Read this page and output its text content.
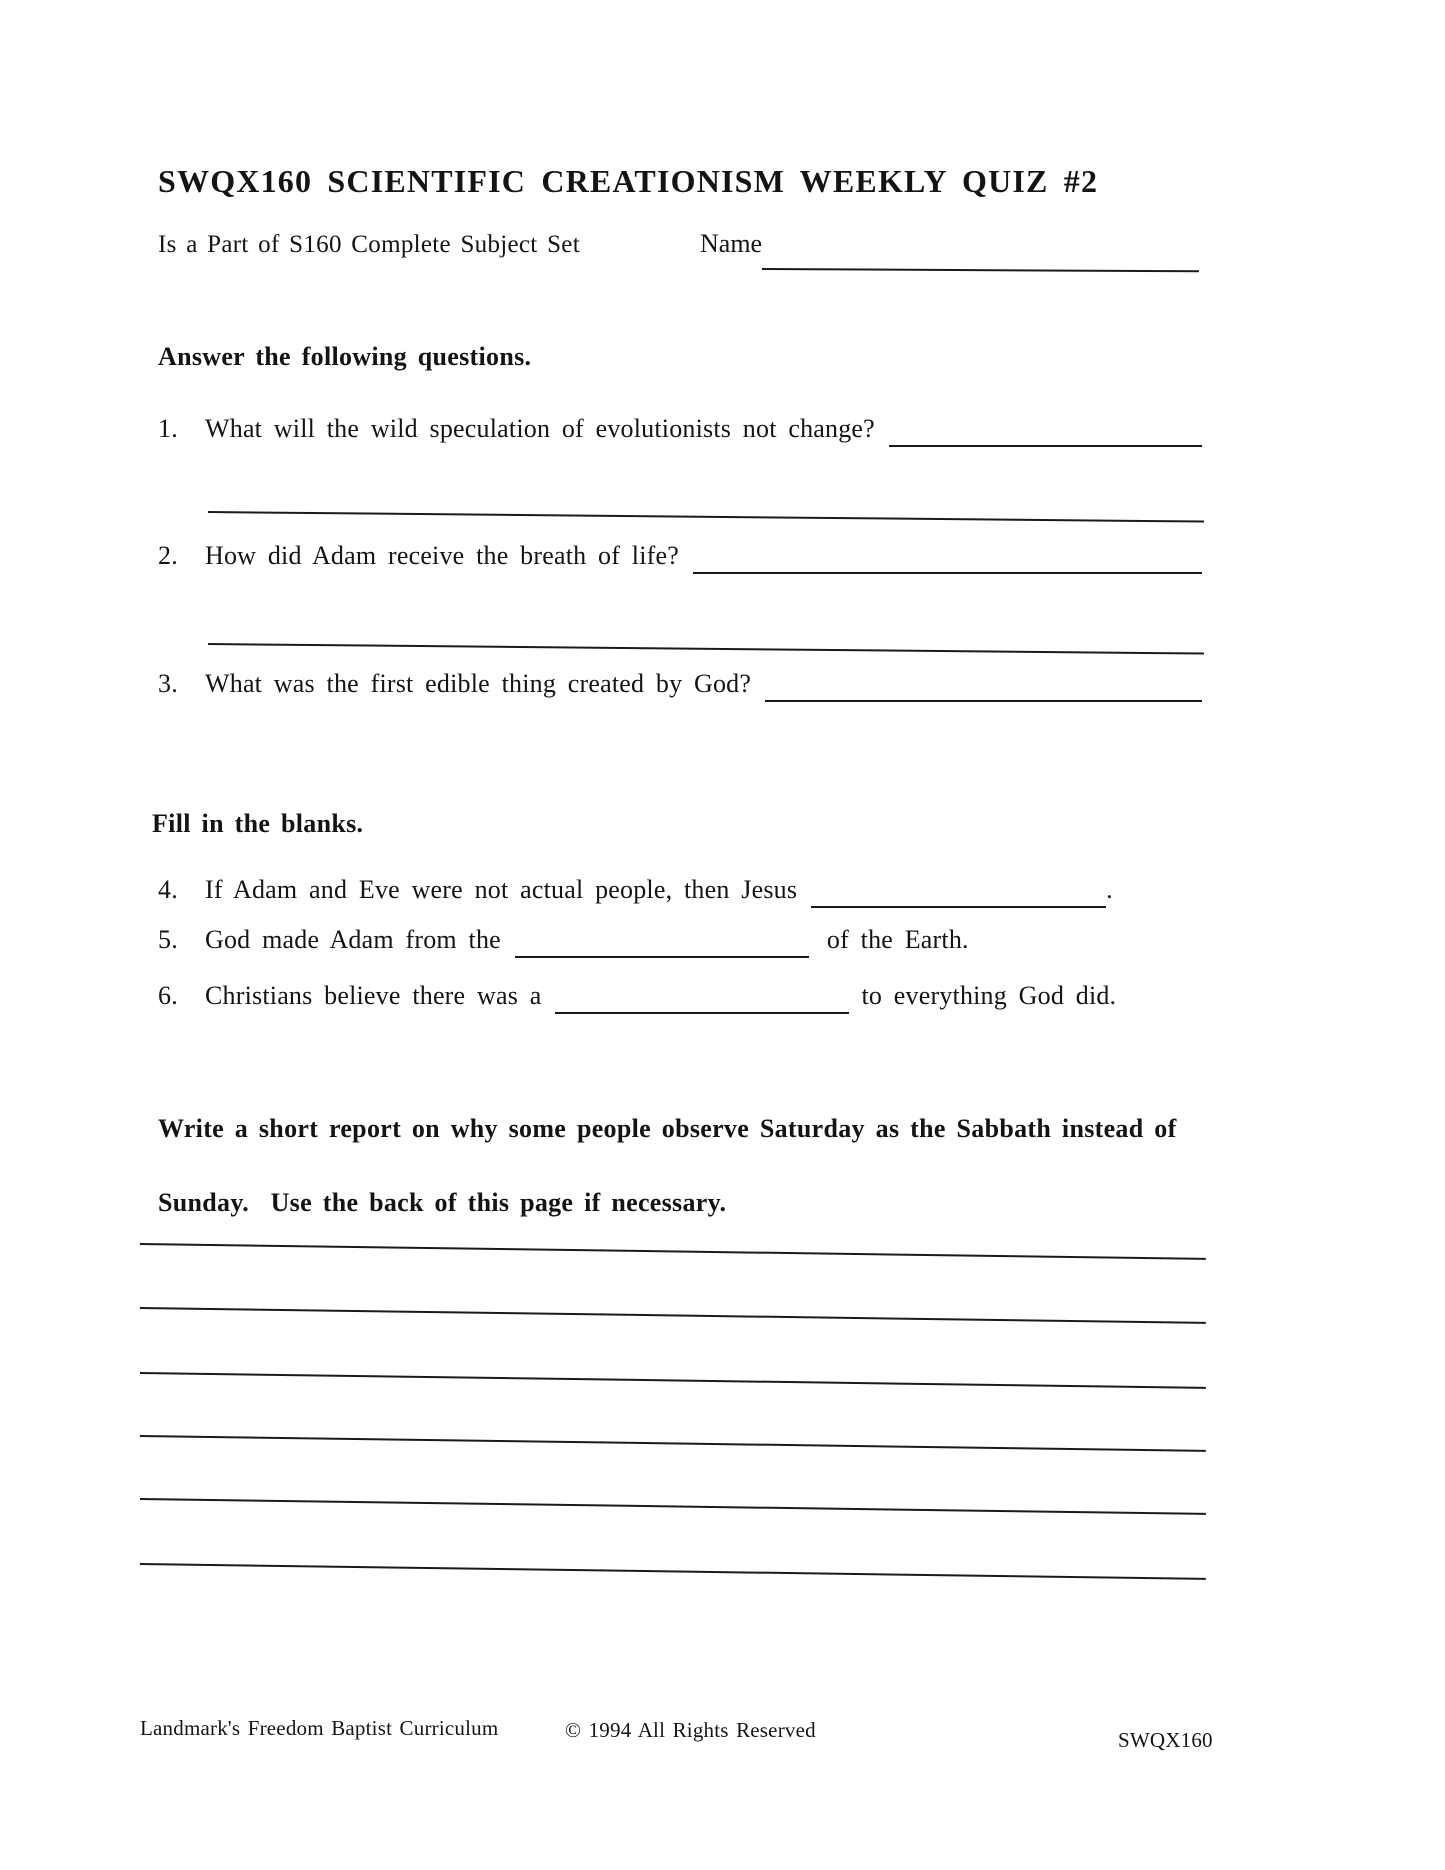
SWQX160 SCIENTIFIC CREATIONISM WEEKLY QUIZ #2
Is a Part of S160 Complete Subject Set	Name
Answer the following questions.
1.	What will the wild speculation of evolutionists not change?
2.	How did Adam receive the breath of life?
3.	What was the first edible thing created by God?
Fill in the blanks.
4.	If Adam and Eve were not actual people, then Jesus	.
5.	God made Adam from the	of the Earth.
6.	Christians believe there was a	to everything God did.
Write a short report on why some people observe Saturday as the Sabbath instead of

Sunday.  Use the back of this page if necessary.
Landmark's Freedom Baptist Curriculum	© 1994 All Rights Reserved	SWQX160
